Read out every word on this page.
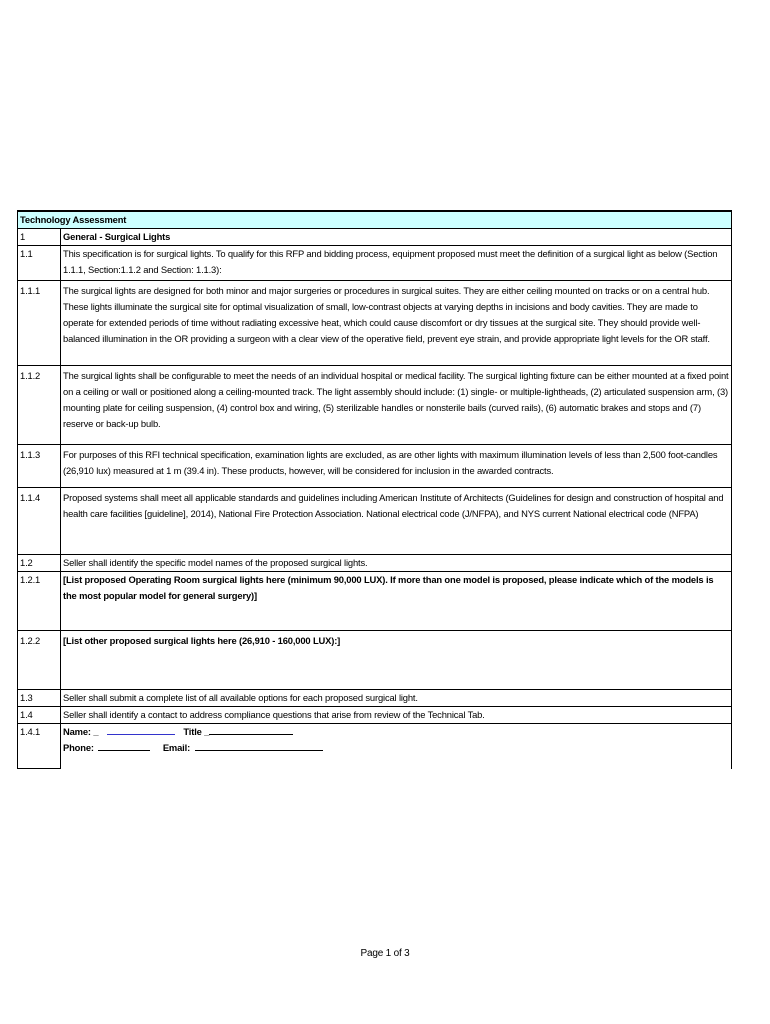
Technology Assessment	
1	General - Surgical Lights
1.1	This specification is for surgical lights. To qualify for this RFP and bidding process, equipment proposed must meet the definition of a surgical light as below (Section 1.1.1, Section:1.1.2 and Section: 1.1.3):
1.1.1	The surgical lights are designed for both minor and major surgeries or procedures in surgical suites. They are either ceiling mounted on tracks or on a central hub. These lights illuminate the surgical site for optimal visualization of small, low-contrast objects at varying depths in incisions and body cavities. They are made to operate for extended periods of time without radiating excessive heat, which could cause discomfort or dry tissues at the surgical site. They should provide well-balanced illumination in the OR providing a surgeon with a clear view of the operative field, prevent eye strain, and provide appropriate light levels for the OR staff.
1.1.2	The surgical lights shall be configurable to meet the needs of an individual hospital or medical facility. The surgical lighting fixture can be either mounted at a fixed point on a ceiling or wall or positioned along a ceiling-mounted track. The light assembly should include: (1) single- or multiple-lightheads, (2) articulated suspension arm, (3) mounting plate for ceiling suspension, (4) control box and wiring, (5) sterilizable handles or nonsterile bails (curved rails), (6) automatic brakes and stops and (7) reserve or back-up bulb.
1.1.3	For purposes of this RFI technical specification, examination lights are excluded, as are other lights with maximum illumination levels of less than 2,500 foot-candles (26,910 lux) measured at 1 m (39.4 in). These products, however, will be considered for inclusion in the awarded contracts.
1.1.4	Proposed systems shall meet all applicable standards and guidelines including American Institute of Architects (Guidelines for design and construction of hospital and health care facilities [guideline], 2014), National Fire Protection Association. National electrical code (J/NFPA), and NYS current National electrical code (NFPA)
1.2	Seller shall identify the specific model names of the proposed surgical lights.
1.2.1	[List proposed Operating Room surgical lights here (minimum 90,000 LUX). If more than one model is proposed, please indicate which of the models is the most popular model for general surgery)]
1.2.2	[List other proposed surgical lights here (26,910 - 160,000 LUX):]
1.3	Seller shall submit a complete list of all available options for each proposed surgical light.
1.4	Seller shall identify a contact to address compliance questions that arise from review of the Technical Tab.
1.4.1	Name: _ Title _
Phone: Email:
Page 1 of 3
